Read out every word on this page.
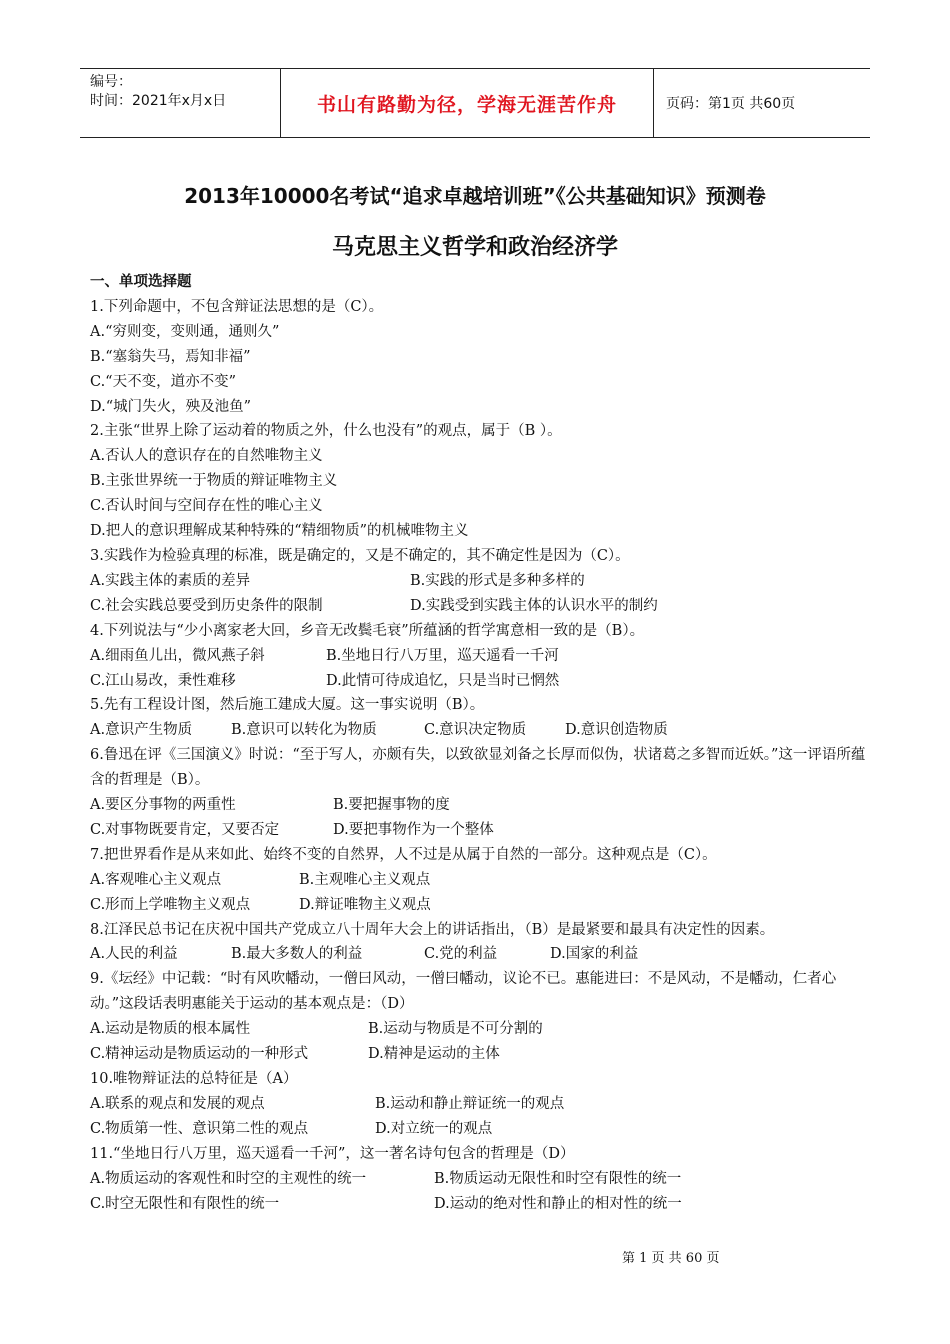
编号：
时间：2021年x月x日	书山有路勤为径，学海无涯苦作舟	页码：第1页 共60页
2013年10000名考试“追求卓越培训班”《公共基础知识》预测卷
马克思主义哲学和政治经济学
一、单项选择题
1.下列命题中，不包含辩证法思想的是（C）。
A.“穷则变，变则通，通则久”
B.“塞翁失马，焉知非福”
C.“天不变，道亦不变”
D.“城门失火，殃及池鱼”
2.主张“世界上除了运动着的物质之外，什么也没有”的观点，属于（B ）。
A.否认人的意识存在的自然唯物主义
B.主张世界统一于物质的辩证唯物主义
C.否认时间与空间存在性的唯心主义
D.把人的意识理解成某种特殊的“精细物质”的机械唯物主义
3.实践作为检验真理的标准，既是确定的，又是不确定的，其不确定性是因为（C）。
A.实践主体的素质的差异	B.实践的形式是多种多样的
C.社会实践总要受到历史条件的限制	D.实践受到实践主体的认识水平的制约
4.下列说法与“少小离家老大回，乡音无改鬓毛衰”所蕴涵的哲学寓意相一致的是（B）。
A.细雨鱼儿出，微风燕子斜	B.坐地日行八万里，巡天遥看一千河
C.江山易改，秉性难移	D.此情可待成追忆，只是当时已惘然
5.先有工程设计图，然后施工建成大厦。这一事实说明（B）。
A.意识产生物质	B.意识可以转化为物质	C.意识决定物质	D.意识创造物质
6.鲁迅在评《三国演义》时说：“至于写人，亦颇有失，以致欲显刘备之长厚而似伪，状诸葛之多智而近妖。”这一评语所蕴含的哲理是（B）。
A.要区分事物的两重性	B.要把握事物的度
C.对事物既要肯定，又要否定	D.要把事物作为一个整体
7.把世界看作是从来如此、始终不变的自然界，人不过是从属于自然的一部分。这种观点是（C）。
A.客观唯心主义观点	B.主观唯心主义观点
C.形而上学唯物主义观点	D.辩证唯物主义观点
8.江泽民总书记在庆祝中国共产党成立八十周年大会上的讲话指出，（B）是最紧要和最具有决定性的因素。
A.人民的利益	B.最大多数人的利益	C.党的利益	D.国家的利益
9.《坛经》中记载：“时有风吹幡动，一僧曰风动，一僧曰幡动，议论不已。惠能进曰：不是风动，不是幡动，仁者心动。”这段话表明惠能关于运动的基本观点是：（D）
A.运动是物质的根本属性	B.运动与物质是不可分割的
C.精神运动是物质运动的一种形式	D.精神是运动的主体
10.唯物辩证法的总特征是（A）
A.联系的观点和发展的观点	B.运动和静止辩证统一的观点
C.物质第一性、意识第二性的观点	D.对立统一的观点
11.“坐地日行八万里，巡天遥看一千河”，这一著名诗句包含的哲理是（D）
A.物质运动的客观性和时空的主观性的统一	B.物质运动无限性和时空有限性的统一
C.时空无限性和有限性的统一	D.运动的绝对性和静止的相对性的统一
第 1 页 共 60 页
